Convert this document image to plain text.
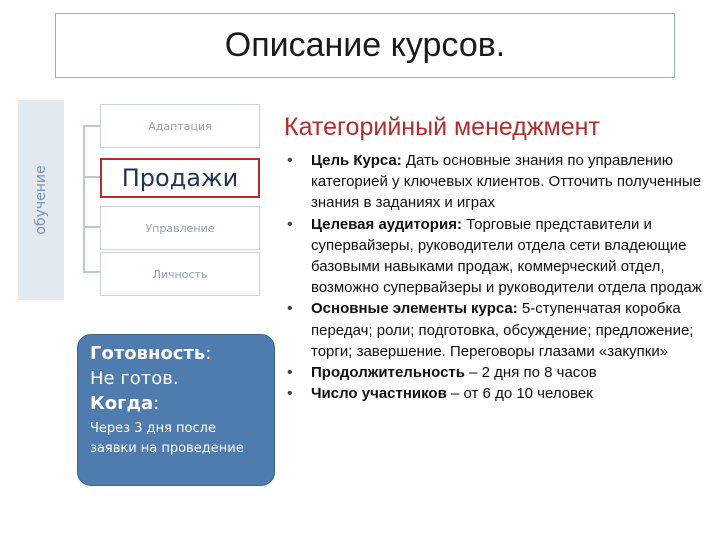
Описание курсов.
обучение
Адаптация
Продажи
Управление
Личность
Готовность:
Не готов.
Когда:
Через 3 дня после заявки на проведение
Категорийный менеджмент
• Цель Курса: Дать основные знания по управлению категорией у ключевых клиентов. Отточить полученные знания в заданиях и играх
• Целевая аудитория: Торговые представители и супервайзеры, руководители отдела сети владеющие базовыми навыками продаж, коммерческий отдел, возможно супервайзеры и руководители отдела продаж
• Основные элементы курса: 5-ступенчатая коробка передач; роли; подготовка, обсуждение; предложение; торги; завершение. Переговоры глазами «закупки»
• Продолжительность – 2 дня по 8 часов
• Число участников – от 6 до 10 человек
